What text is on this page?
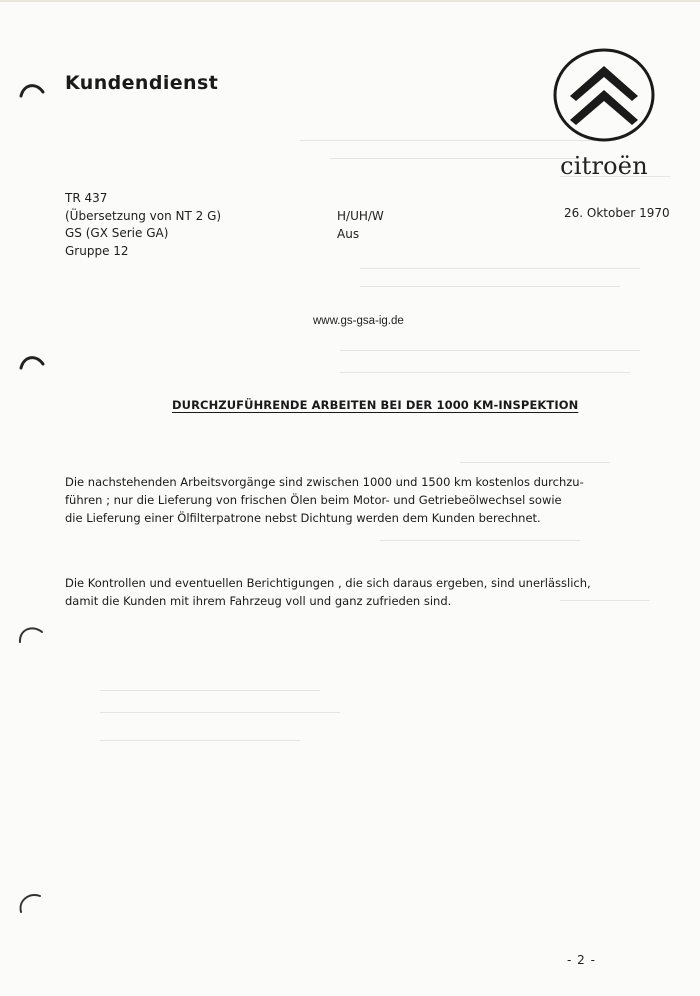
Kundendienst
citroën
TR 437
(Übersetzung von NT 2 G)
GS (GX Serie GA)
Gruppe 12
H/UH/W
Aus
26. Oktober 1970
www.gs-gsa-ig.de
DURCHZUFÜHRENDE ARBEITEN BEI DER 1000 KM-INSPEKTION
Die nachstehenden Arbeitsvorgänge sind zwischen 1000 und 1500 km kostenlos durchzu-
führen ; nur die Lieferung von frischen Ölen beim Motor- und Getriebeölwechsel sowie
die Lieferung einer Ölfilterpatrone nebst Dichtung werden dem Kunden berechnet.
Die Kontrollen und eventuellen Berichtigungen , die sich daraus ergeben, sind unerlässlich,
damit die Kunden mit ihrem Fahrzeug voll und ganz zufrieden sind.
- 2 -
